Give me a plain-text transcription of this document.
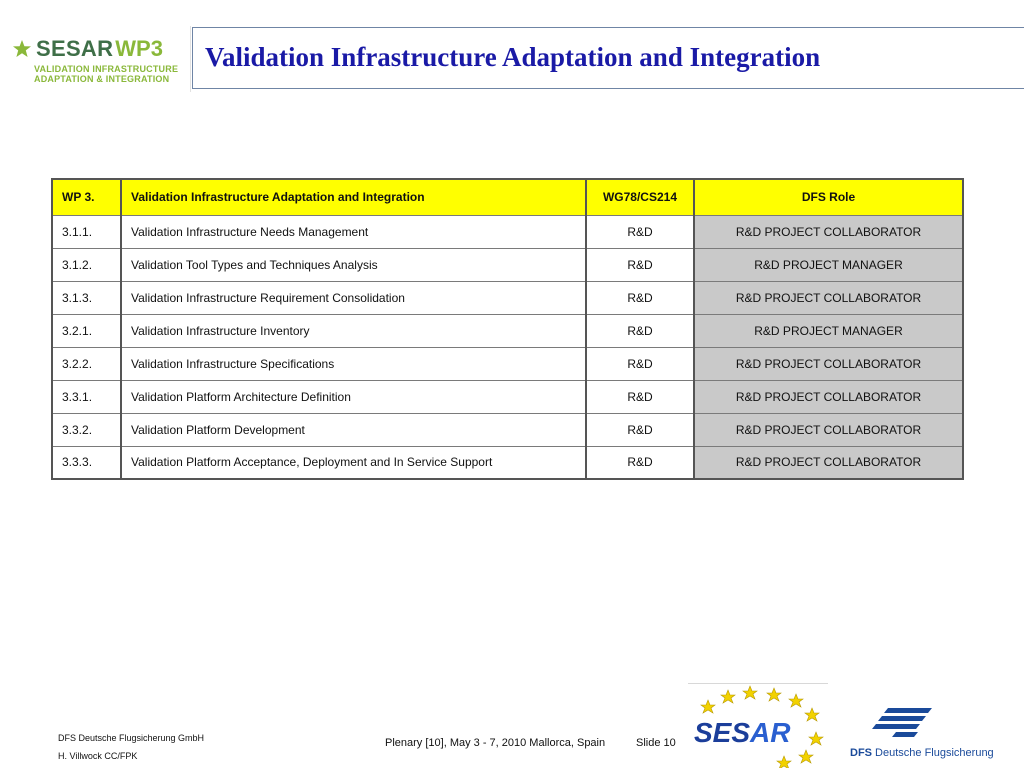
SESAR WP3
VALIDATION INFRASTRUCTURE
ADAPTATION & INTEGRATION
Validation Infrastructure Adaptation and Integration
WP 3.	Validation Infrastructure Adaptation and Integration	WG78/CS214	DFS Role
3.1.1.	Validation Infrastructure Needs Management	R&D	R&D PROJECT COLLABORATOR
3.1.2.	Validation Tool Types and Techniques Analysis	R&D	R&D PROJECT MANAGER
3.1.3.	Validation Infrastructure Requirement Consolidation	R&D	R&D PROJECT COLLABORATOR
3.2.1.	Validation Infrastructure Inventory	R&D	R&D PROJECT MANAGER
3.2.2.	Validation Infrastructure Specifications	R&D	R&D PROJECT COLLABORATOR
3.3.1.	Validation Platform Architecture Definition	R&D	R&D PROJECT COLLABORATOR
3.3.2.	Validation Platform Development	R&D	R&D PROJECT COLLABORATOR
3.3.3.	Validation Platform Acceptance, Deployment and In Service Support	R&D	R&D PROJECT COLLABORATOR
DFS Deutsche Flugsicherung GmbH
H. Villwock CC/FPK
Plenary [10], May 3 - 7, 2010 Mallorca, Spain	Slide 10 SESAR
DFS Deutsche Flugsicherung
